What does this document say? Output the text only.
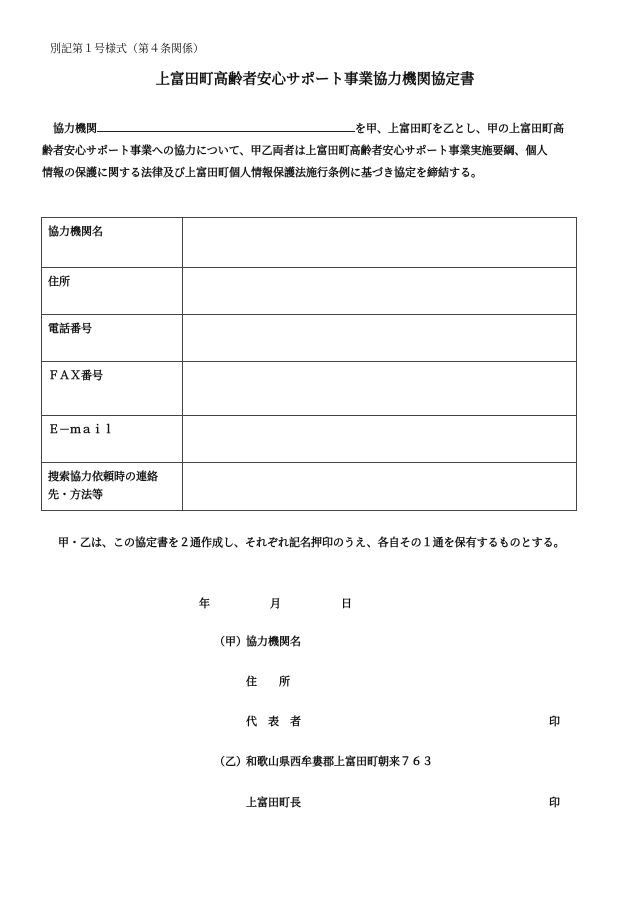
別記第１号様式（第４条関係）
上富田町高齢者安心サポート事業協力機関協定書
　協力機関	を甲、上富田町を乙とし、甲の上富田町高
齢者安心サポート事業への協力について、甲乙両者は上富田町高齢者安心サポート事業実施要綱、個人
情報の保護に関する法律及び上富田町個人情報保護法施行条例に基づき協定を締結する。
協力機関名	
住所	
電話番号	
ＦＡＸ番号	
Ｅ－ｍａｉｌ	
捜索協力依頼時の連絡先・方法等	
甲・乙は、この協定書を２通作成し、それぞれ記名押印のうえ、各自その１通を保有するものとする。
年	月	日
（甲） 協力機関名
住　　所
代　表　者	印
（乙） 和歌山県西牟婁郡上富田町朝来７６３
上富田町長	印
